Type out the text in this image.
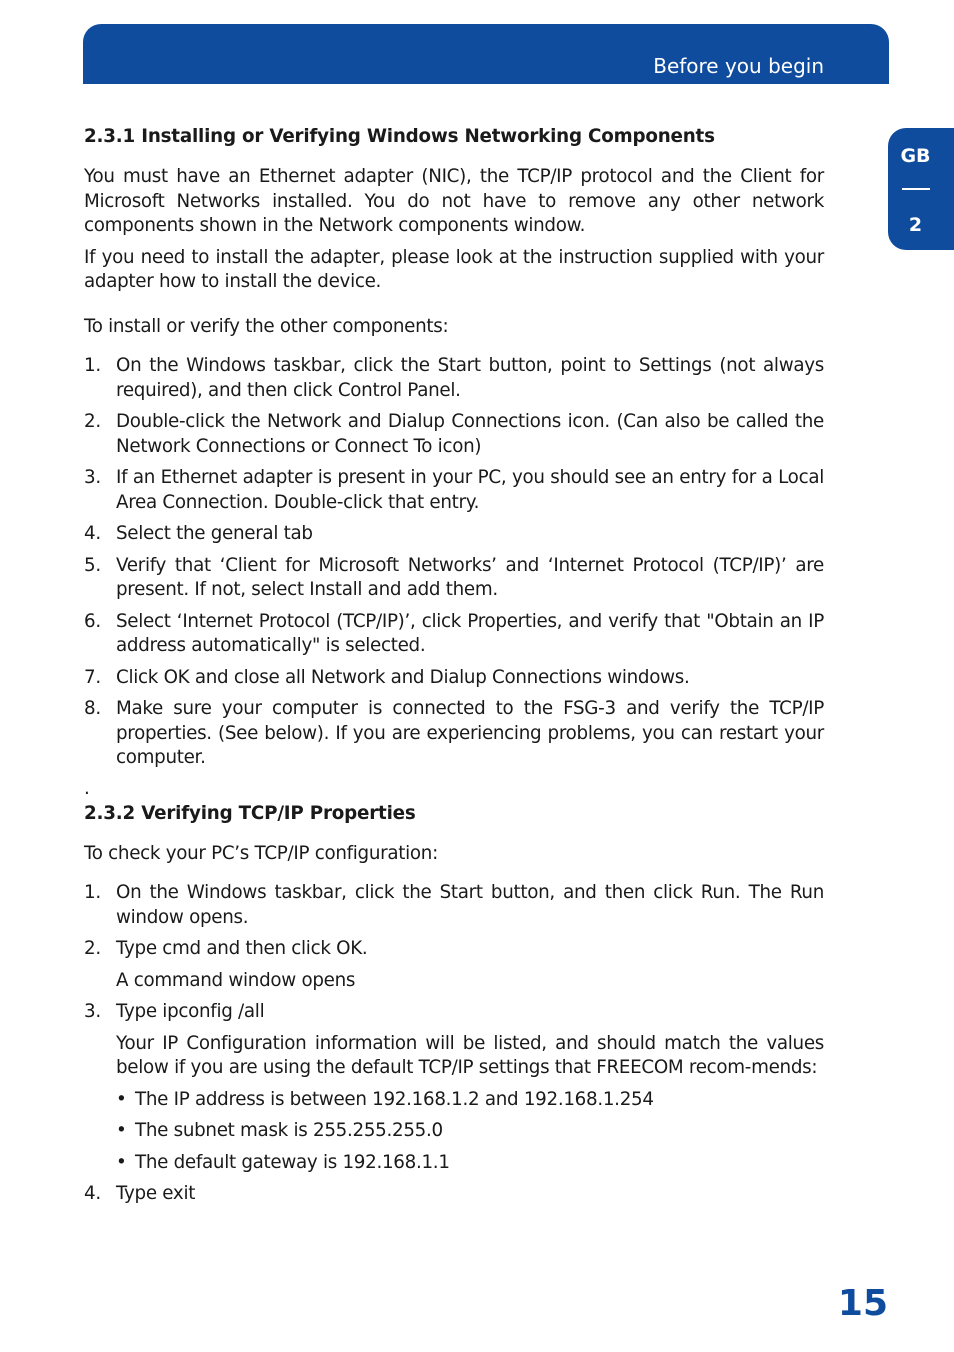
Before you begin
GB
2
2.3.1 Installing or Verifying Windows Networking Components

You must have an Ethernet adapter (NIC), the TCP/IP protocol and the Client for Microsoft Networks installed. You do not have to remove any other network components shown in the Network components window.

If you need to install the adapter, please look at the instruction supplied with your adapter how to install the device.

To install or verify the other components:

1. On the Windows taskbar, click the Start button, point to Settings (not always required), and then click Control Panel.
2. Double-click the Network and Dialup Connections icon. (Can also be called the Network Connections or Connect To icon)
3. If an Ethernet adapter is present in your PC, you should see an entry for a Local Area Connection. Double-click that entry.
4. Select the general tab
5. Verify that ‘Client for Microsoft Networks’ and ‘Internet Protocol (TCP/IP)’ are present. If not, select Install and add them.
6. Select ‘Internet Protocol (TCP/IP)’, click Properties, and verify that "Obtain an IP address automatically" is selected.
7. Click OK and close all Network and Dialup Connections windows.
8. Make sure your computer is connected to the FSG-3 and verify the TCP/IP properties. (See below). If you are experiencing problems, you can restart your computer.

.

2.3.2 Verifying TCP/IP Properties

To check your PC’s TCP/IP configuration:

1. On the Windows taskbar, click the Start button, and then click Run. The Run window opens.
2. Type cmd and then click OK.

A command window opens

3. Type ipconfig /all

Your IP Configuration information will be listed, and should match the values below if you are using the default TCP/IP settings that FREECOM recom-mends:

• The IP address is between 192.168.1.2 and 192.168.1.254
• The subnet mask is 255.255.255.0
• The default gateway is 192.168.1.1
4. Type exit
15
